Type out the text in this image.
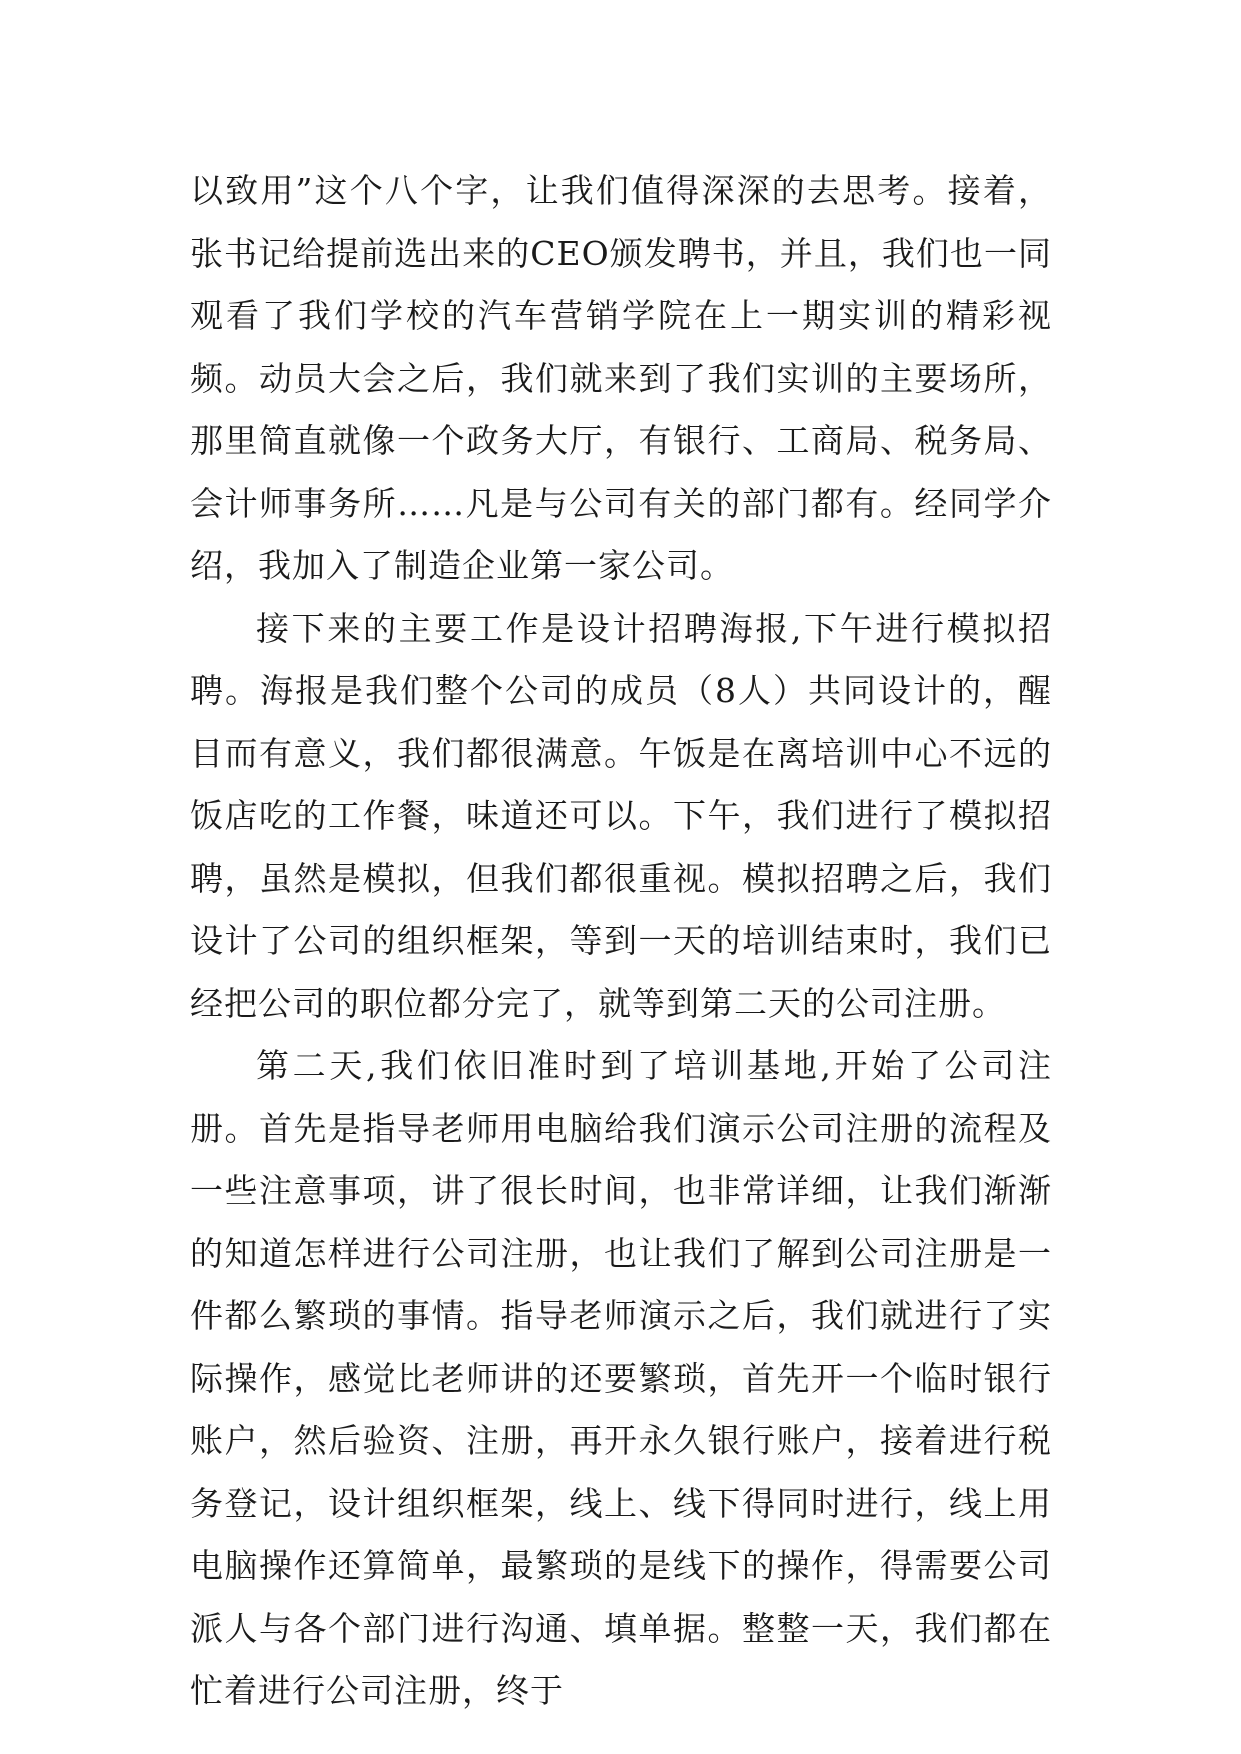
以致用”这个八个字，让我们值得深深的去思考。接着，张书记给提前选出来的CEO颁发聘书，并且，我们也一同观看了我们学校的汽车营销学院在上一期实训的精彩视频。动员大会之后，我们就来到了我们实训的主要场所，那里简直就像一个政务大厅，有银行、工商局、税务局、会计师事务所……凡是与公司有关的部门都有。经同学介绍，我加入了制造企业第一家公司。

接下来的主要工作是设计招聘海报,下午进行模拟招聘。海报是我们整个公司的成员（8人）共同设计的，醒目而有意义，我们都很满意。午饭是在离培训中心不远的饭店吃的工作餐，味道还可以。下午，我们进行了模拟招聘，虽然是模拟，但我们都很重视。模拟招聘之后，我们设计了公司的组织框架，等到一天的培训结束时，我们已经把公司的职位都分完了，就等到第二天的公司注册。

第二天,我们依旧准时到了培训基地,开始了公司注册。首先是指导老师用电脑给我们演示公司注册的流程及一些注意事项，讲了很长时间，也非常详细，让我们渐渐的知道怎样进行公司注册，也让我们了解到公司注册是一件都么繁琐的事情。指导老师演示之后，我们就进行了实际操作，感觉比老师讲的还要繁琐，首先开一个临时银行账户，然后验资、注册，再开永久银行账户，接着进行税务登记，设计组织框架，线上、线下得同时进行，线上用电脑操作还算简单，最繁琐的是线下的操作，得需要公司派人与各个部门进行沟通、填单据。整整一天，我们都在忙着进行公司注册，终于
